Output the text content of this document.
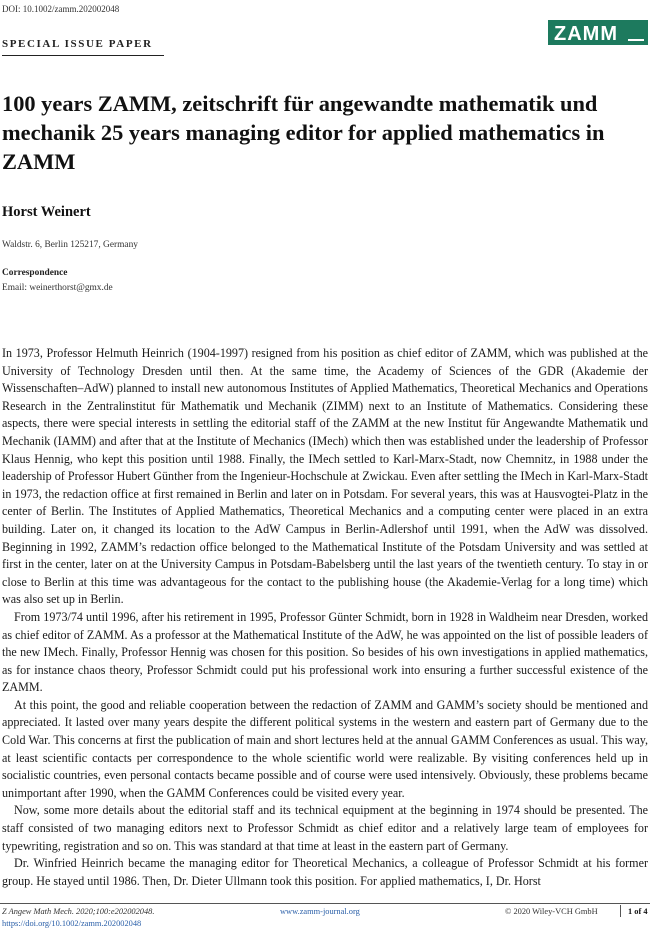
DOI: 10.1002/zamm.202002048
ZAMM
SPECIAL ISSUE PAPER
100 years ZAMM, zeitschrift für angewandte mathematik und mechanik 25 years managing editor for applied mathematics in ZAMM
Horst Weinert
Waldstr. 6, Berlin 125217, Germany
Correspondence
Email: weinerthorst@gmx.de

In 1973, Professor Helmuth Heinrich (1904-1997) resigned from his position as chief editor of ZAMM, which was published at the University of Technology Dresden until then. At the same time, the Academy of Sciences of the GDR (Akademie der Wissenschaften–AdW) planned to install new autonomous Institutes of Applied Mathematics, Theoretical Mechanics and Operations Research in the Zentralinstitut für Mathematik und Mechanik (ZIMM) next to an Institute of Mathematics. Considering these aspects, there were special interests in settling the editorial staff of the ZAMM at the new Institut für Angewandte Mathematik und Mechanik (IAMM) and after that at the Institute of Mechanics (IMech) which then was established under the leadership of Professor Klaus Hennig, who kept this position until 1988. Finally, the IMech settled to Karl-Marx-Stadt, now Chemnitz, in 1988 under the leadership of Professor Hubert Günther from the Ingenieur-Hochschule at Zwickau. Even after settling the IMech in Karl-Marx-Stadt in 1973, the redaction office at first remained in Berlin and later on in Potsdam. For several years, this was at Hausvogtei-Platz in the center of Berlin. The Institutes of Applied Mathematics, Theoretical Mechanics and a computing center were placed in an extra building. Later on, it changed its location to the AdW Campus in Berlin-Adlershof until 1991, when the AdW was dissolved. Beginning in 1992, ZAMM’s redaction office belonged to the Mathematical Institute of the Potsdam University and was settled at first in the center, later on at the University Campus in Potsdam-Babelsberg until the last years of the twentieth century. To stay in or close to Berlin at this time was advantageous for the contact to the publishing house (the Akademie-Verlag for a long time) which was also set up in Berlin.

From 1973/74 until 1996, after his retirement in 1995, Professor Günter Schmidt, born in 1928 in Waldheim near Dresden, worked as chief editor of ZAMM. As a professor at the Mathematical Institute of the AdW, he was appointed on the list of possible leaders of the new IMech. Finally, Professor Hennig was chosen for this position. So besides of his own investigations in applied mathematics, as for instance chaos theory, Professor Schmidt could put his professional work into ensuring a further successful existence of the ZAMM.

At this point, the good and reliable cooperation between the redaction of ZAMM and GAMM’s society should be mentioned and appreciated. It lasted over many years despite the different political systems in the western and eastern part of Germany due to the Cold War. This concerns at first the publication of main and short lectures held at the annual GAMM Conferences as usual. This way, at least scientific contacts per correspondence to the whole scientific world were realizable. By visiting conferences held up in socialistic countries, even personal contacts became possible and of course were used intensively. Obviously, these problems became unimportant after 1990, when the GAMM Conferences could be visited every year.

Now, some more details about the editorial staff and its technical equipment at the beginning in 1974 should be presented. The staff consisted of two managing editors next to Professor Schmidt as chief editor and a relatively large team of employees for typewriting, registration and so on. This was standard at that time at least in the eastern part of Germany.

Dr. Winfried Heinrich became the managing editor for Theoretical Mechanics, a colleague of Professor Schmidt at his former group. He stayed until 1986. Then, Dr. Dieter Ullmann took this position. For applied mathematics, I, Dr. Horst

Z Angew Math Mech. 2020;100:e202002048.
https://doi.org/10.1002/zamm.202002048
www.zamm-journal.org	© 2020 Wiley-VCH GmbH	1 of 4
